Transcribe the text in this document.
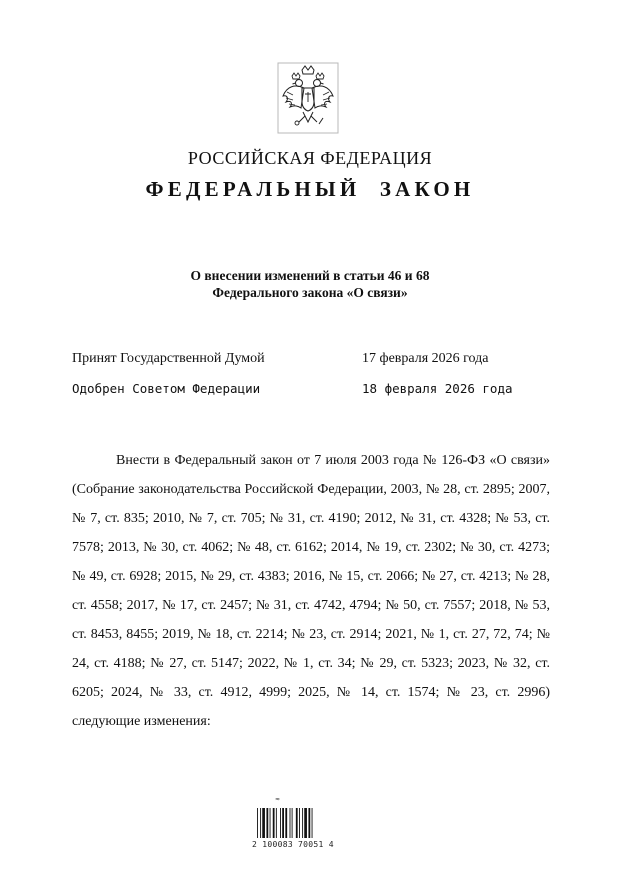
РОССИЙСКАЯ ФЕДЕРАЦИЯ
ФЕДЕРАЛЬНЫЙ ЗАКОН
О внесении изменений в статьи 46 и 68
Федерального закона «О связи»
Принят Государственной Думой	17 февраля 2026 года
Одобрен Советом Федерации	18 февраля 2026 года

Внести в Федеральный закон от 7 июля 2003 года № 126-ФЗ «О связи» (Собрание законодательства Российской Федерации, 2003, № 28, ст. 2895; 2007, № 7, ст. 835; 2010, № 7, ст. 705; № 31, ст. 4190; 2012, № 31, ст. 4328; № 53, ст. 7578; 2013, № 30, ст. 4062; № 48, ст. 6162; 2014, № 19, ст. 2302; № 30, ст. 4273; № 49, ст. 6928; 2015, № 29, ст. 4383; 2016, № 15, ст. 2066; № 27, ст. 4213; № 28, ст. 4558; 2017, № 17, ст. 2457; № 31, ст. 4742, 4794; № 50, ст. 7557; 2018, № 53, ст. 8453, 8455; 2019, № 18, ст. 2214; № 23, ст. 2914; 2021, № 1, ст. 27, 72, 74; № 24, ст. 4188; № 27, ст. 5147; 2022, № 1, ст. 34; № 29, ст. 5323; 2023, № 32, ст. 6205; 2024, № 33, ст. 4912, 4999; 2025, № 14, ст. 1574; № 23, ст. 2996) следующие изменения:

≈
2 100083 70051 4
